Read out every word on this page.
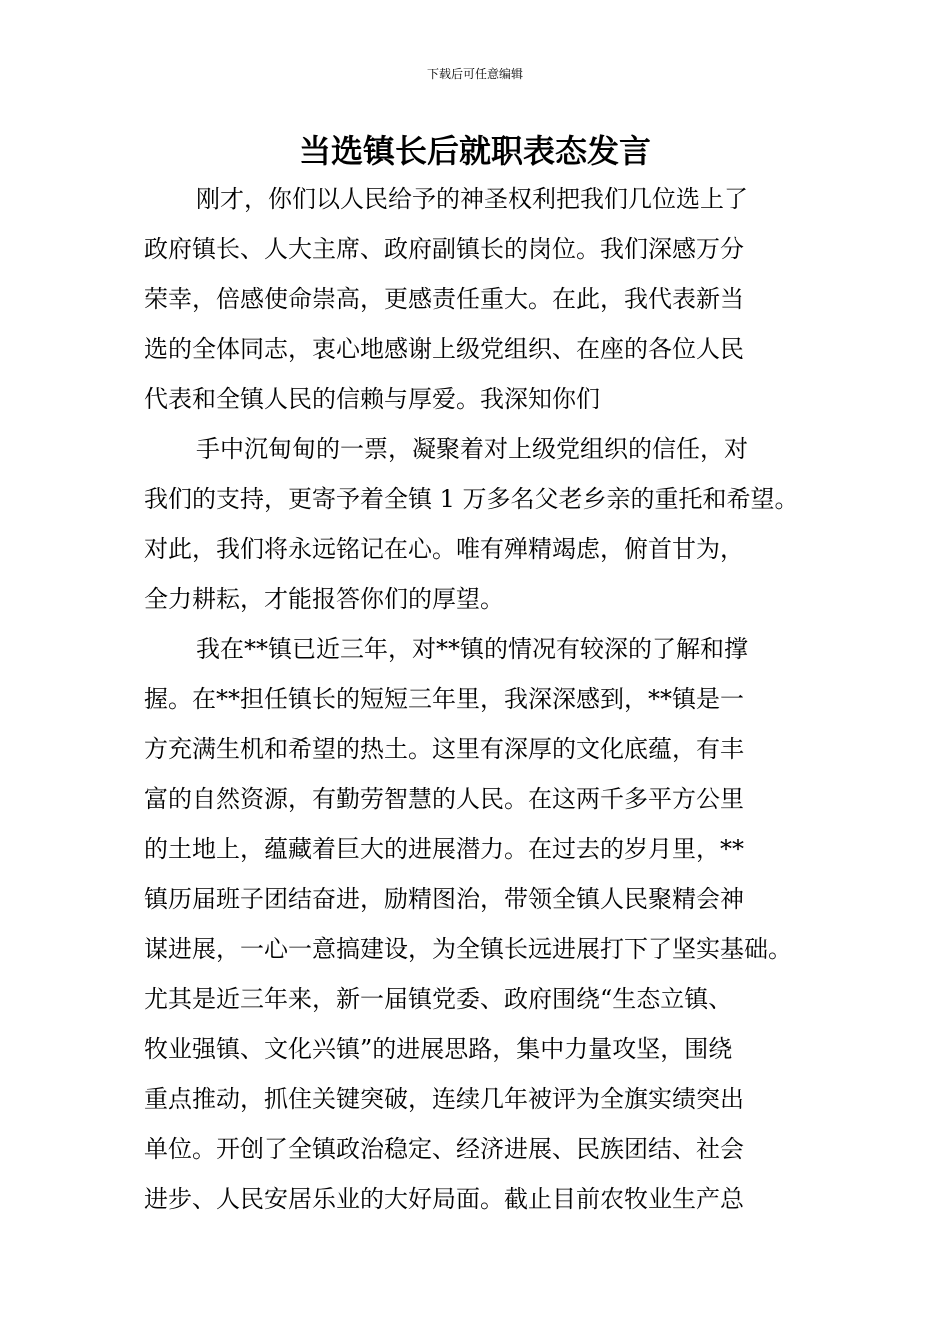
下载后可任意编辑
当选镇长后就职表态发言

刚才，你们以人民给予的神圣权利把我们几位选上了
政府镇长、人大主席、政府副镇长的岗位。我们深感万分
荣幸，倍感使命崇高，更感责任重大。在此，我代表新当
选的全体同志，衷心地感谢上级党组织、在座的各位人民
代表和全镇人民的信赖与厚爱。我深知你们

手中沉甸甸的一票，凝聚着对上级党组织的信任，对
我们的支持，更寄予着全镇 1 万多名父老乡亲的重托和希望。
对此，我们将永远铭记在心。唯有殚精竭虑，俯首甘为，
全力耕耘，才能报答你们的厚望。

我在**镇已近三年，对**镇的情况有较深的了解和撑
握。在**担任镇长的短短三年里，我深深感到，**镇是一
方充满生机和希望的热土。这里有深厚的文化底蕴，有丰
富的自然资源，有勤劳智慧的人民。在这两千多平方公里
的土地上，蕴藏着巨大的进展潜力。在过去的岁月里，**
镇历届班子团结奋进，励精图治，带领全镇人民聚精会神
谋进展，一心一意搞建设，为全镇长远进展打下了坚实基础。
尤其是近三年来，新一届镇党委、政府围绕“生态立镇、
牧业强镇、文化兴镇”的进展思路，集中力量攻坚，围绕
重点推动，抓住关键突破，连续几年被评为全旗实绩突出
单位。开创了全镇政治稳定、经济进展、民族团结、社会
进步、人民安居乐业的大好局面。截止目前农牧业生产总
